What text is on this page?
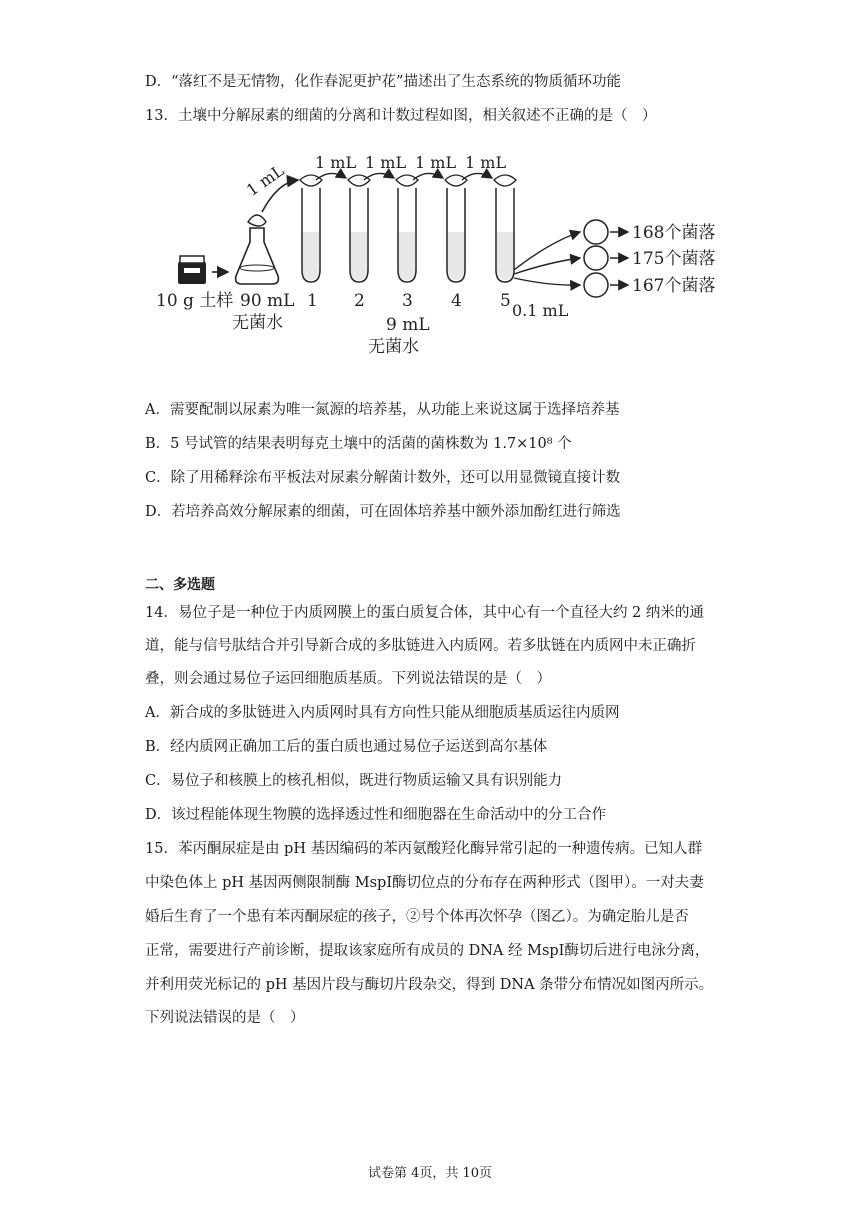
D．“落红不是无情物，化作春泥更护花”描述出了生态系统的物质循环功能
13．土壤中分解尿素的细菌的分离和计数过程如图，相关叙述不正确的是（　）
1 mL 1 mL 1 mL 1 mL 1 mL
168个菌落
175个菌落
167个菌落
10 g 土样 90 mL
无菌水
1 2 3 4 5
9 mL
无菌水
0.1 mL
A．需要配制以尿素为唯一氮源的培养基，从功能上来说这属于选择培养基
B．5 号试管的结果表明每克土壤中的活菌的菌株数为 1.7×10⁸ 个
C．除了用稀释涂布平板法对尿素分解菌计数外，还可以用显微镜直接计数
D．若培养高效分解尿素的细菌，可在固体培养基中额外添加酚红进行筛选
二、多选题
14．易位子是一种位于内质网膜上的蛋白质复合体，其中心有一个直径大约 2 纳米的通
道，能与信号肽结合并引导新合成的多肽链进入内质网。若多肽链在内质网中未正确折
叠，则会通过易位子运回细胞质基质。下列说法错误的是（　）
A．新合成的多肽链进入内质网时具有方向性只能从细胞质基质运往内质网
B．经内质网正确加工后的蛋白质也通过易位子运送到高尔基体
C．易位子和核膜上的核孔相似，既进行物质运输又具有识别能力
D．该过程能体现生物膜的选择透过性和细胞器在生命活动中的分工合作
15．苯丙酮尿症是由 pH 基因编码的苯丙氨酸羟化酶异常引起的一种遗传病。已知人群
中染色体上 pH 基因两侧限制酶 MspI酶切位点的分布存在两种形式（图甲）。一对夫妻
婚后生育了一个患有苯丙酮尿症的孩子，②号个体再次怀孕（图乙）。为确定胎儿是否
正常，需要进行产前诊断，提取该家庭所有成员的 DNA 经 MspI酶切后进行电泳分离，
并利用荧光标记的 pH 基因片段与酶切片段杂交，得到 DNA 条带分布情况如图丙所示。
下列说法错误的是（　）
试卷第 4页，共 10页
